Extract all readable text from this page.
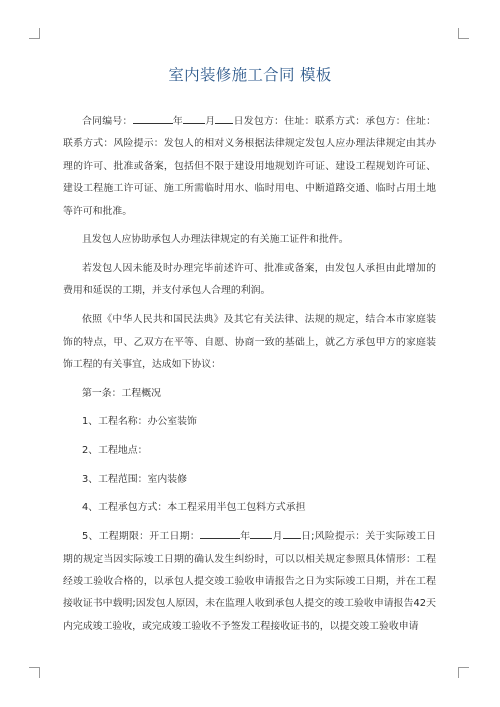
室内装修施工合同 模板

合同编号：	年 月 日发包方：住址：联系方式：承包方：住址：联系方式：风险提示：发包人的相对义务根据法律规定发包人应办理法律规定由其办理的许可、批准或备案，包括但不限于建设用地规划许可证、建设工程规划许可证、建设工程施工许可证、施工所需临时用水、临时用电、中断道路交通、临时占用土地等许可和批准。

且发包人应协助承包人办理法律规定的有关施工证件和批件。

若发包人因未能及时办理完毕前述许可、批准或备案，由发包人承担由此增加的费用和延误的工期，并支付承包人合理的利润。

依照《中华人民共和国民法典》及其它有关法律、法规的规定，结合本市家庭装饰的特点，甲、乙双方在平等、自愿、协商一致的基础上，就乙方承包甲方的家庭装饰工程的有关事宜，达成如下协议：

第一条：工程概况

1、工程名称：办公室装饰

2、工程地点：

3、工程范围：室内装修

4、工程承包方式：本工程采用半包工包料方式承担

5、工程期限：开工日期：	年 月 日;风险提示：关于实际竣工日期的规定当因实际竣工日期的确认发生纠纷时，可以以相关规定参照具体情形：工程经竣工验收合格的，以承包人提交竣工验收申请报告之日为实际竣工日期，并在工程接收证书中载明;因发包人原因，未在监理人收到承包人提交的竣工验收申请报告42天内完成竣工验收，或完成竣工验收不予签发工程接收证书的，以提交竣工验收申请
